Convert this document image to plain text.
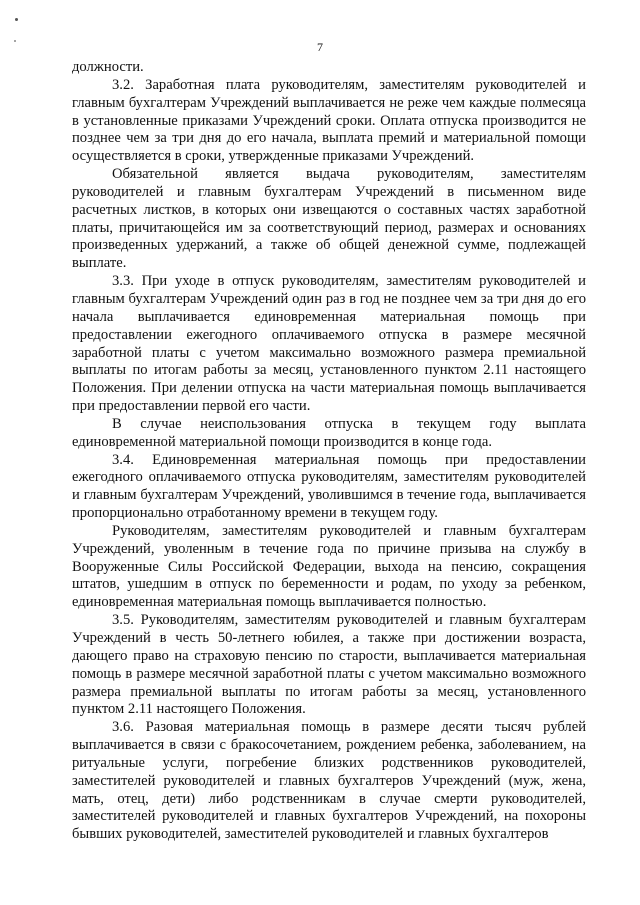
7

должности.

3.2. Заработная плата руководителям, заместителям руководителей и главным бухгалтерам Учреждений выплачивается не реже чем каждые полмесяца в установленные приказами Учреждений сроки. Оплата отпуска производится не позднее чем за три дня до его начала, выплата премий и материальной помощи осуществляется в сроки, утвержденные приказами Учреждений.

Обязательной является выдача руководителям, заместителям руководителей и главным бухгалтерам Учреждений в письменном виде расчетных листков, в которых они извещаются о составных частях заработной платы, причитающейся им за соответствующий период, размерах и основаниях произведенных удержаний, а также об общей денежной сумме, подлежащей выплате.

3.3. При уходе в отпуск руководителям, заместителям руководителей и главным бухгалтерам Учреждений один раз в год не позднее чем за три дня до его начала выплачивается единовременная материальная помощь при предоставлении ежегодного оплачиваемого отпуска в размере месячной заработной платы с учетом максимально возможного размера премиальной выплаты по итогам работы за месяц, установленного пунктом 2.11 настоящего Положения. При делении отпуска на части материальная помощь выплачивается при предоставлении первой его части.

В случае неиспользования отпуска в текущем году выплата единовременной материальной помощи производится в конце года.

3.4. Единовременная материальная помощь при предоставлении ежегодного оплачиваемого отпуска руководителям, заместителям руководителей и главным бухгалтерам Учреждений, уволившимся в течение года, выплачивается пропорционально отработанному времени в текущем году.

Руководителям, заместителям руководителей и главным бухгалтерам Учреждений, уволенным в течение года по причине призыва на службу в Вооруженные Силы Российской Федерации, выхода на пенсию, сокращения штатов, ушедшим в отпуск по беременности и родам, по уходу за ребенком, единовременная материальная помощь выплачивается полностью.

3.5. Руководителям, заместителям руководителей и главным бухгалтерам Учреждений в честь 50-летнего юбилея, а также при достижении возраста, дающего право на страховую пенсию по старости, выплачивается материальная помощь в размере месячной заработной платы с учетом максимально возможного размера премиальной выплаты по итогам работы за месяц, установленного пунктом 2.11 настоящего Положения.

3.6. Разовая материальная помощь в размере десяти тысяч рублей выплачивается в связи с бракосочетанием, рождением ребенка, заболеванием, на ритуальные услуги, погребение близких родственников руководителей, заместителей руководителей и главных бухгалтеров Учреждений (муж, жена, мать, отец, дети) либо родственникам в случае смерти руководителей, заместителей руководителей и главных бухгалтеров Учреждений, на похороны бывших руководителей, заместителей руководителей и главных бухгалтеров
